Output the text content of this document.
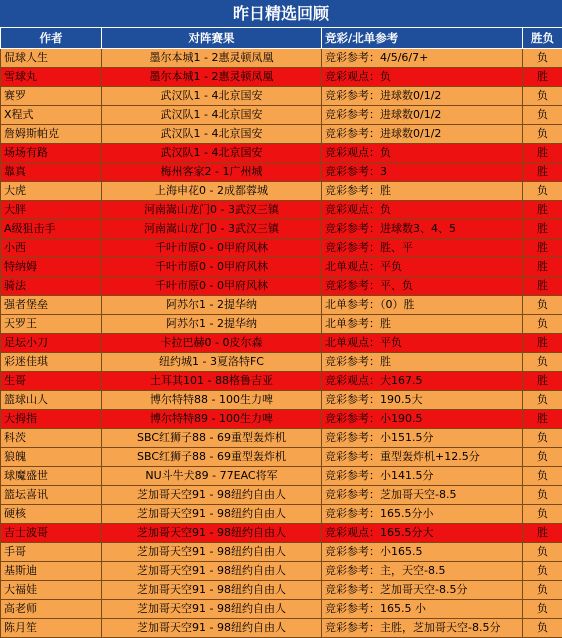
昨日精选回顾
作者	对阵赛果	竞彩/北单参考	胜负
侃球人生	墨尔本城1 - 2惠灵顿凤凰	竞彩参考：4/5/6/7+	负
雪球丸	墨尔本城1 - 2惠灵顿凤凰	竞彩观点：负	胜
赛罗	武汉队1 - 4北京国安	竞彩参考：进球数0/1/2	负
X程式	武汉队1 - 4北京国安	竞彩参考：进球数0/1/2	负
詹姆斯帕克	武汉队1 - 4北京国安	竞彩参考：进球数0/1/2	负
场场有路	武汉队1 - 4北京国安	竞彩观点：负	胜
靠真	梅州客家2 - 1广州城	竞彩参考：3	胜
大虎	上海申花0 - 2成都蓉城	竞彩参考：胜	负
大胖	河南嵩山龙门0 - 3武汉三镇	竞彩观点：负	胜
A级狙击手	河南嵩山龙门0 - 3武汉三镇	竞彩参考：进球数3、4、5	胜
小西	千叶市原0 - 0甲府风林	竞彩参考：胜、平	胜
特纳姆	千叶市原0 - 0甲府风林	北单观点：平负	胜
骑法	千叶市原0 - 0甲府风林	竞彩参考：平、负	胜
强者堡垒	阿苏尔1 - 2提华纳	北单参考：（0）胜	负
天罗王	阿苏尔1 - 2提华纳	北单参考：胜	负
足坛小刀	卡拉巴赫0 - 0皮尔森	北单观点：平负	胜
彩迷佳琪	纽约城1 - 3夏洛特FC	竞彩参考：胜	负
生哥	土耳其101 - 88格鲁吉亚	竞彩观点：大167.5	胜
篮球山人	博尔特特88 - 100生力啤	竞彩参考：190.5大	负
大拇指	博尔特特89 - 100生力啤	竞彩参考：小190.5	胜
科茨	SBC红狮子88 - 69重型轰炸机	竞彩参考：小151.5分	负
狼魄	SBC红狮子88 - 69重型轰炸机	竞彩参考：重型轰炸机+12.5分	负
球魔盛世	NU斗牛犬89 - 77EAC将军	竞彩参考：小141.5分	负
篮坛喜讯	芝加哥天空91 - 98纽约自由人	竞彩参考：芝加哥天空-8.5	负
硬核	芝加哥天空91 - 98纽约自由人	竞彩参考：165.5分小	负
吉士波哥	芝加哥天空91 - 98纽约自由人	竞彩观点：165.5分大	胜
手哥	芝加哥天空91 - 98纽约自由人	竞彩参考：小165.5	负
基斯迪	芝加哥天空91 - 98纽约自由人	竞彩参考：主，天空-8.5	负
大福娃	芝加哥天空91 - 98纽约自由人	竞彩参考：芝加哥天空-8.5分	负
高老师	芝加哥天空91 - 98纽约自由人	竞彩参考：165.5 小	负
陈月笙	芝加哥天空91 - 98纽约自由人	竞彩参考：主胜，芝加哥天空-8.5分	负
